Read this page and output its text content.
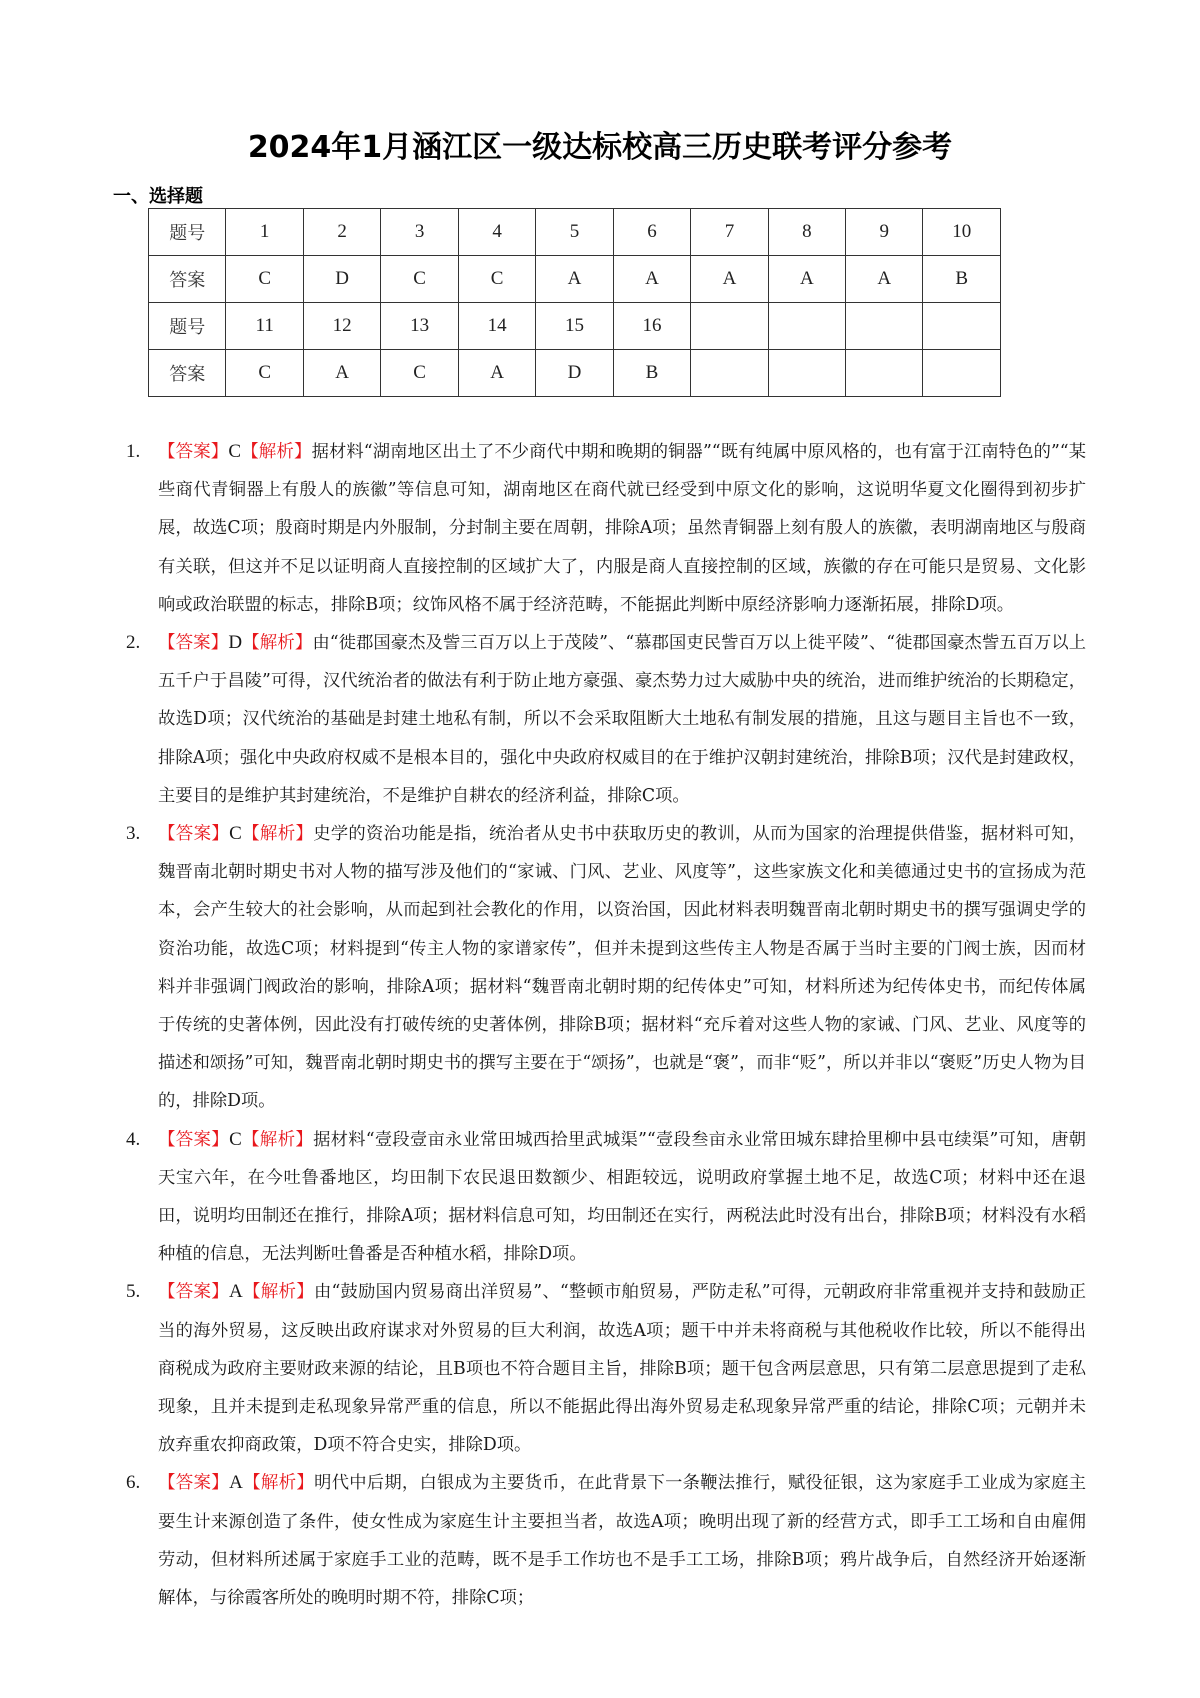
2024年1月涵江区一级达标校高三历史联考评分参考
一、选择题
题号	1	2	3	4	5	6	7	8	9	10
答案	C	D	C	C	A	A	A	A	A	B
题号	11	12	13	14	15	16				
答案	C	A	C	A	D	B				
1. 【答案】C【解析】据材料“湖南地区出土了不少商代中期和晚期的铜器”“既有纯属中原风格的，也有富于江南特色的”“某些商代青铜器上有殷人的族徽”等信息可知，湖南地区在商代就已经受到中原文化的影响，这说明华夏文化圈得到初步扩展，故选C项；殷商时期是内外服制，分封制主要在周朝，排除A项；虽然青铜器上刻有殷人的族徽，表明湖南地区与殷商有关联，但这并不足以证明商人直接控制的区域扩大了，内服是商人直接控制的区域，族徽的存在可能只是贸易、文化影响或政治联盟的标志，排除B项；纹饰风格不属于经济范畴，不能据此判断中原经济影响力逐渐拓展，排除D项。
2. 【答案】D【解析】由“徙郡国豪杰及訾三百万以上于茂陵”、“慕郡国吏民訾百万以上徙平陵”、“徙郡国豪杰訾五百万以上五千户于昌陵”可得，汉代统治者的做法有利于防止地方豪强、豪杰势力过大威胁中央的统治，进而维护统治的长期稳定，故选D项；汉代统治的基础是封建土地私有制，所以不会采取阻断大土地私有制发展的措施，且这与题目主旨也不一致，排除A项；强化中央政府权威不是根本目的，强化中央政府权威目的在于维护汉朝封建统治，排除B项；汉代是封建政权，主要目的是维护其封建统治，不是维护自耕农的经济利益，排除C项。
3. 【答案】C【解析】史学的资治功能是指，统治者从史书中获取历史的教训，从而为国家的治理提供借鉴，据材料可知，魏晋南北朝时期史书对人物的描写涉及他们的“家诫、门风、艺业、风度等”，这些家族文化和美德通过史书的宣扬成为范本，会产生较大的社会影响，从而起到社会教化的作用，以资治国，因此材料表明魏晋南北朝时期史书的撰写强调史学的资治功能，故选C项；材料提到“传主人物的家谱家传”，但并未提到这些传主人物是否属于当时主要的门阀士族，因而材料并非强调门阀政治的影响，排除A项；据材料“魏晋南北朝时期的纪传体史”可知，材料所述为纪传体史书，而纪传体属于传统的史著体例，因此没有打破传统的史著体例，排除B项；据材料“充斥着对这些人物的家诫、门风、艺业、风度等的描述和颂扬”可知，魏晋南北朝时期史书的撰写主要在于“颂扬”，也就是“褒”，而非“贬”，所以并非以“褒贬”历史人物为目的，排除D项。
4. 【答案】C【解析】据材料“壹段壹亩永业常田城西拾里武城渠”“壹段叁亩永业常田城东肆拾里柳中县屯续渠”可知，唐朝天宝六年，在今吐鲁番地区，均田制下农民退田数额少、相距较远，说明政府掌握土地不足，故选C项；材料中还在退田，说明均田制还在推行，排除A项；据材料信息可知，均田制还在实行，两税法此时没有出台，排除B项；材料没有水稻种植的信息，无法判断吐鲁番是否种植水稻，排除D项。
5. 【答案】A【解析】由“鼓励国内贸易商出洋贸易”、“整顿市舶贸易，严防走私”可得，元朝政府非常重视并支持和鼓励正当的海外贸易，这反映出政府谋求对外贸易的巨大利润，故选A项；题干中并未将商税与其他税收作比较，所以不能得出商税成为政府主要财政来源的结论，且B项也不符合题目主旨，排除B项；题干包含两层意思，只有第二层意思提到了走私现象，且并未提到走私现象异常严重的信息，所以不能据此得出海外贸易走私现象异常严重的结论，排除C项；元朝并未放弃重农抑商政策，D项不符合史实，排除D项。
6. 【答案】A【解析】明代中后期，白银成为主要货币，在此背景下一条鞭法推行，赋役征银，这为家庭手工业成为家庭主要生计来源创造了条件，使女性成为家庭生计主要担当者，故选A项；晚明出现了新的经营方式，即手工工场和自由雇佣劳动，但材料所述属于家庭手工业的范畴，既不是手工作坊也不是手工工场，排除B项；鸦片战争后，自然经济开始逐渐解体，与徐霞客所处的晚明时期不符，排除C项；
